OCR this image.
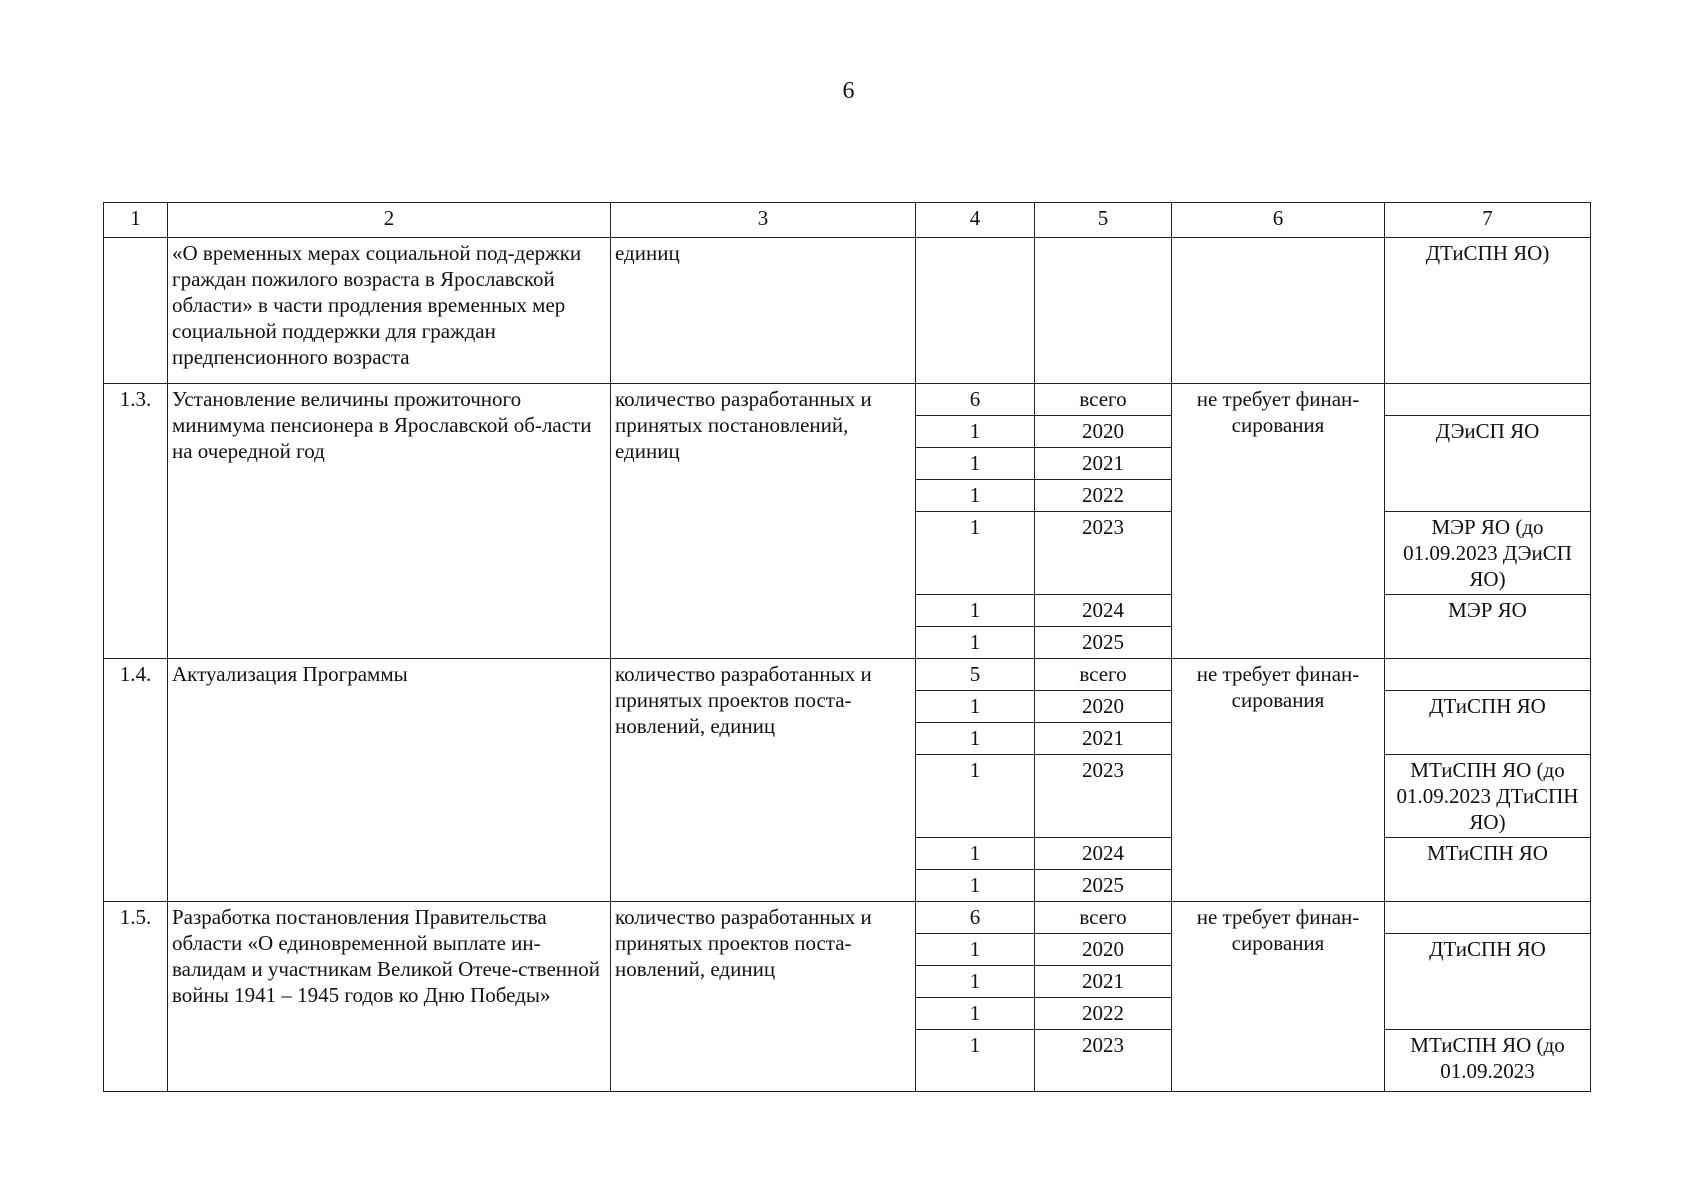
6
1	2	3	4	5	6	7
	«О временных мерах социальной под-держки граждан пожилого возраста в Ярославской области» в части продления временных мер социальной поддержки для граждан предпенсионного возраста	единиц				ДТиСПН ЯО)
1.3.	Установление величины прожиточного минимума пенсионера в Ярославской об-ласти на очередной год	количество разработанных и принятых постановлений, единиц	6	всего	не требует финан-сирования	
			1	2020		ДЭиСП ЯО
			1	2021		
			1	2022		
			1	2023		МЭР ЯО (до 01.09.2023 ДЭиСП ЯО)
			1	2024		МЭР ЯО
			1	2025		
1.4.	Актуализация Программы	количество разработанных и принятых проектов поста-новлений, единиц	5	всего	не требует финан-сирования	
			1	2020		ДТиСПН ЯО
			1	2021		
			1	2023		МТиСПН ЯО (до 01.09.2023 ДТиСПН ЯО)
			1	2024		МТиСПН ЯО
			1	2025		
1.5.	Разработка постановления Правительства области «О единовременной выплате ин-валидам и участникам Великой Отече-ственной войны 1941 – 1945 годов ко Дню Победы»	количество разработанных и принятых проектов поста-новлений, единиц	6	всего	не требует финан-сирования	
			1	2020		ДТиСПН ЯО
			1	2021		
			1	2022		
			1	2023		МТиСПН ЯО (до 01.09.2023
